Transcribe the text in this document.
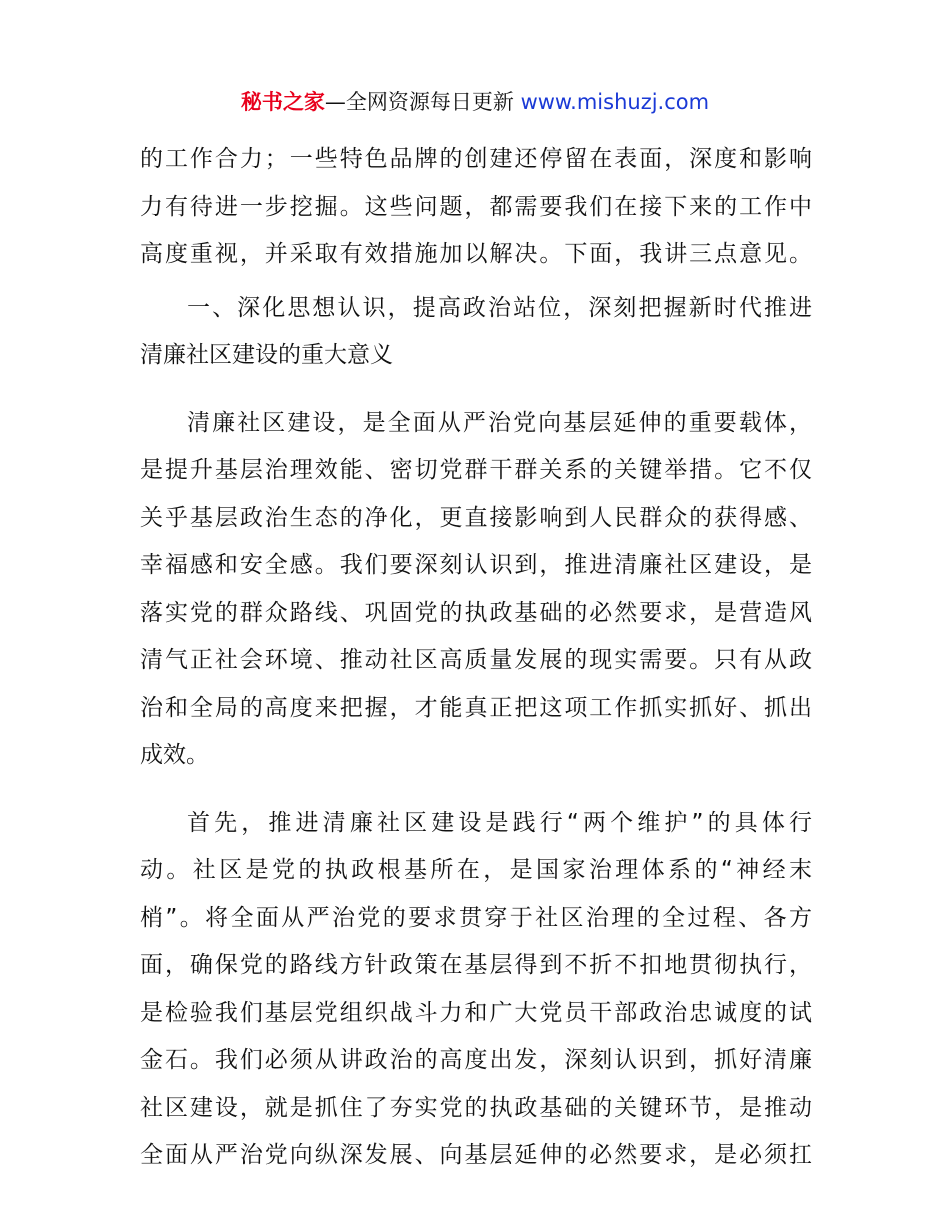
秘书之家—全网资源每日更新 www.mishuzj.com
的工作合力；一些特色品牌的创建还停留在表面，深度和影响
力有待进一步挖掘。这些问题，都需要我们在接下来的工作中
高度重视，并采取有效措施加以解决。下面，我讲三点意见。
一、深化思想认识，提高政治站位，深刻把握新时代推进
清廉社区建设的重大意义
清廉社区建设，是全面从严治党向基层延伸的重要载体，
是提升基层治理效能、密切党群干群关系的关键举措。它不仅
关乎基层政治生态的净化，更直接影响到人民群众的获得感、
幸福感和安全感。我们要深刻认识到，推进清廉社区建设，是
落实党的群众路线、巩固党的执政基础的必然要求，是营造风
清气正社会环境、推动社区高质量发展的现实需要。只有从政
治和全局的高度来把握，才能真正把这项工作抓实抓好、抓出
成效。
首先，推进清廉社区建设是践行“两个维护”的具体行
动。社区是党的执政根基所在，是国家治理体系的“神经末
梢”。将全面从严治党的要求贯穿于社区治理的全过程、各方
面，确保党的路线方针政策在基层得到不折不扣地贯彻执行，
是检验我们基层党组织战斗力和广大党员干部政治忠诚度的试
金石。我们必须从讲政治的高度出发，深刻认识到，抓好清廉
社区建设，就是抓住了夯实党的执政基础的关键环节，是推动
全面从严治党向纵深发展、向基层延伸的必然要求，是必须扛
